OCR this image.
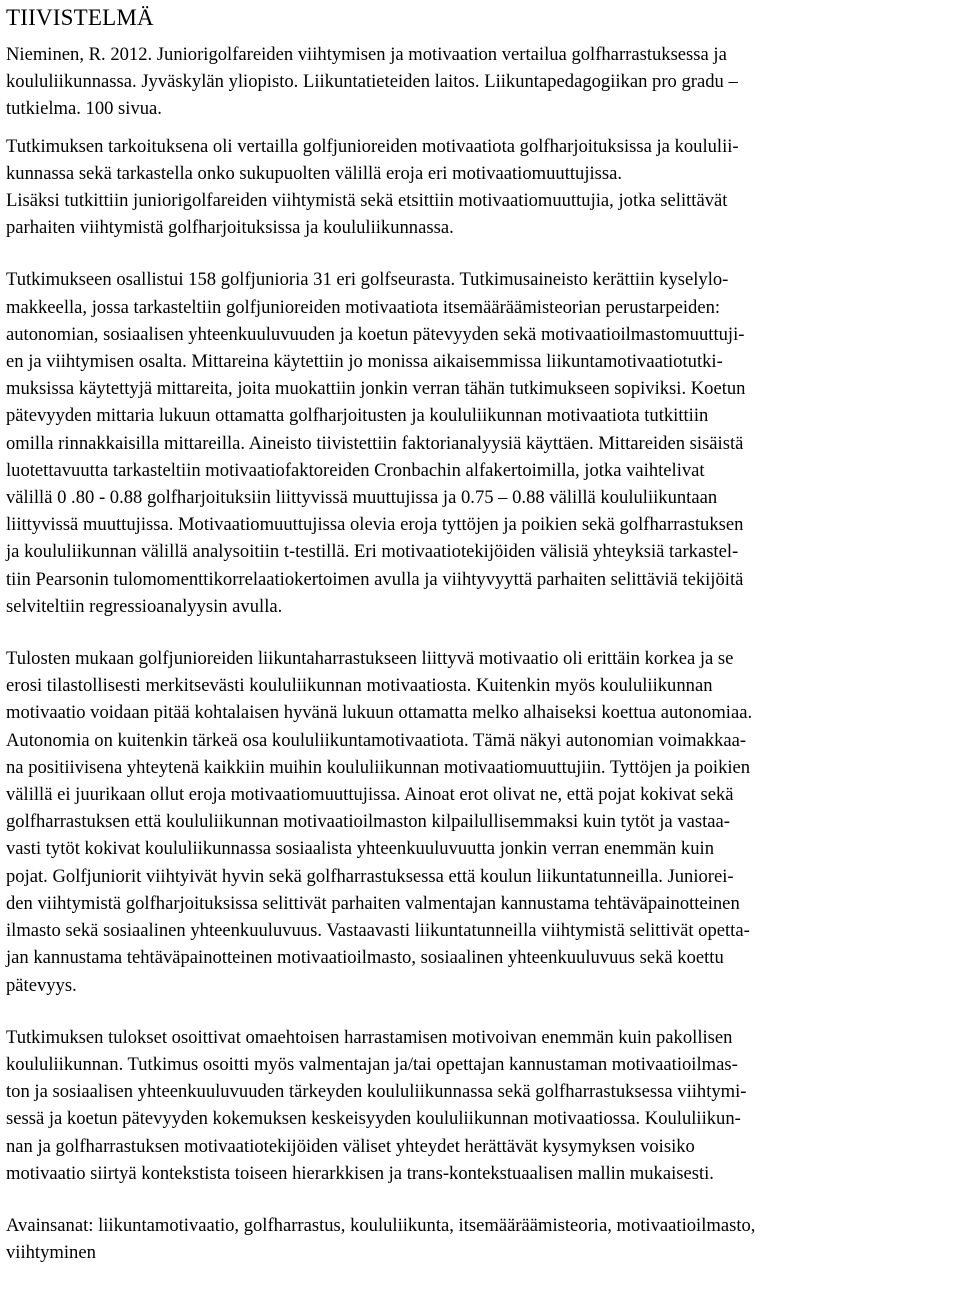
TIIVISTELMÄ
Nieminen, R. 2012. Juniorigolfareiden viihtymisen ja motivaation vertailua golfharrastuksessa ja
koululiikunnassa. Jyväskylän yliopisto. Liikuntatieteiden laitos. Liikuntapedagogiikan pro gradu –
tutkielma. 100 sivua.
Tutkimuksen tarkoituksena oli vertailla golfjunioreiden motivaatiota golfharjoituksissa ja koululii-
kunnassa sekä tarkastella onko sukupuolten välillä eroja eri motivaatiomuuttujissa.
Lisäksi tutkittiin juniorigolfareiden viihtymistä sekä etsittiin motivaatiomuuttujia, jotka selittävät
parhaiten viihtymistä golfharjoituksissa ja koululiikunnassa.
Tutkimukseen osallistui 158 golfjunioria 31 eri golfseurasta. Tutkimusaineisto kerättiin kyselylo-
makkeella, jossa tarkasteltiin golfjunioreiden motivaatiota itsemääräämisteorian perustarpeiden:
autonomian, sosiaalisen yhteenkuuluvuuden ja koetun pätevyyden sekä motivaatioilmastomuuttuji-
en ja viihtymisen osalta. Mittareina käytettiin jo monissa aikaisemmissa liikuntamotivaatiotutki-
muksissa käytettyjä mittareita, joita muokattiin jonkin verran tähän tutkimukseen sopiviksi. Koetun
pätevyyden mittaria lukuun ottamatta golfharjoitusten ja koululiikunnan motivaatiota tutkittiin
omilla rinnakkaisilla mittareilla. Aineisto tiivistettiin faktorianalyysiä käyttäen. Mittareiden sisäistä
luotettavuutta tarkasteltiin motivaatiofaktoreiden Cronbachin alfakertoimilla, jotka vaihtelivat
välillä 0 .80 - 0.88 golfharjoituksiin liittyvissä muuttujissa ja 0.75 – 0.88 välillä koululiikuntaan
liittyvissä muuttujissa. Motivaatiomuuttujissa olevia eroja tyttöjen ja poikien sekä golfharrastuksen
ja koululiikunnan välillä analysoitiin t-testillä. Eri motivaatiotekijöiden välisiä yhteyksiä tarkastel-
tiin Pearsonin tulomomenttikorrelaatiokertoimen avulla ja viihtyvyyttä parhaiten selittäviä tekijöitä
selviteltiin regressioanalyysin avulla.
Tulosten mukaan golfjunioreiden liikuntaharrastukseen liittyvä motivaatio oli erittäin korkea ja se
erosi tilastollisesti merkitsevästi koululiikunnan motivaatiosta. Kuitenkin myös koululiikunnan
motivaatio voidaan pitää kohtalaisen hyvänä lukuun ottamatta melko alhaiseksi koettua autonomiaa.
Autonomia on kuitenkin tärkeä osa koululiikuntamotivaatiota. Tämä näkyi autonomian voimakkaa-
na positiivisena yhteytenä kaikkiin muihin koululiikunnan motivaatiomuuttujiin. Tyttöjen ja poikien
välillä ei juurikaan ollut eroja motivaatiomuuttujissa. Ainoat erot olivat ne, että pojat kokivat sekä
golfharrastuksen että koululiikunnan motivaatioilmaston kilpailullisemmaksi kuin tytöt ja vastaa-
vasti tytöt kokivat koululiikunnassa sosiaalista yhteenkuuluvuutta jonkin verran enemmän kuin
pojat. Golfjuniorit viihtyivät hyvin sekä golfharrastuksessa että koulun liikuntatunneilla. Juniorei-
den viihtymistä golfharjoituksissa selittivät parhaiten valmentajan kannustama tehtäväpainotteinen
ilmasto sekä sosiaalinen yhteenkuuluvuus. Vastaavasti liikuntatunneilla viihtymistä selittivät opetta-
jan kannustama tehtäväpainotteinen motivaatioilmasto, sosiaalinen yhteenkuuluvuus sekä koettu
pätevyys.
Tutkimuksen tulokset osoittivat omaehtoisen harrastamisen motivoivan enemmän kuin pakollisen
koululiikunnan. Tutkimus osoitti myös valmentajan ja/tai opettajan kannustaman motivaatioilmas-
ton ja sosiaalisen yhteenkuuluvuuden tärkeyden koululiikunnassa sekä golfharrastuksessa viihtymi-
sessä ja koetun pätevyyden kokemuksen keskeisyyden koululiikunnan motivaatiossa. Koululiikun-
nan ja golfharrastuksen motivaatiotekijöiden väliset yhteydet herättävät kysymyksen voisiko
motivaatio siirtyä kontekstista toiseen hierarkkisen ja trans-kontekstuaalisen mallin mukaisesti.
Avainsanat: liikuntamotivaatio, golfharrastus, koululiikunta, itsemääräämisteoria, motivaatioilmasto,
viihtyminen
